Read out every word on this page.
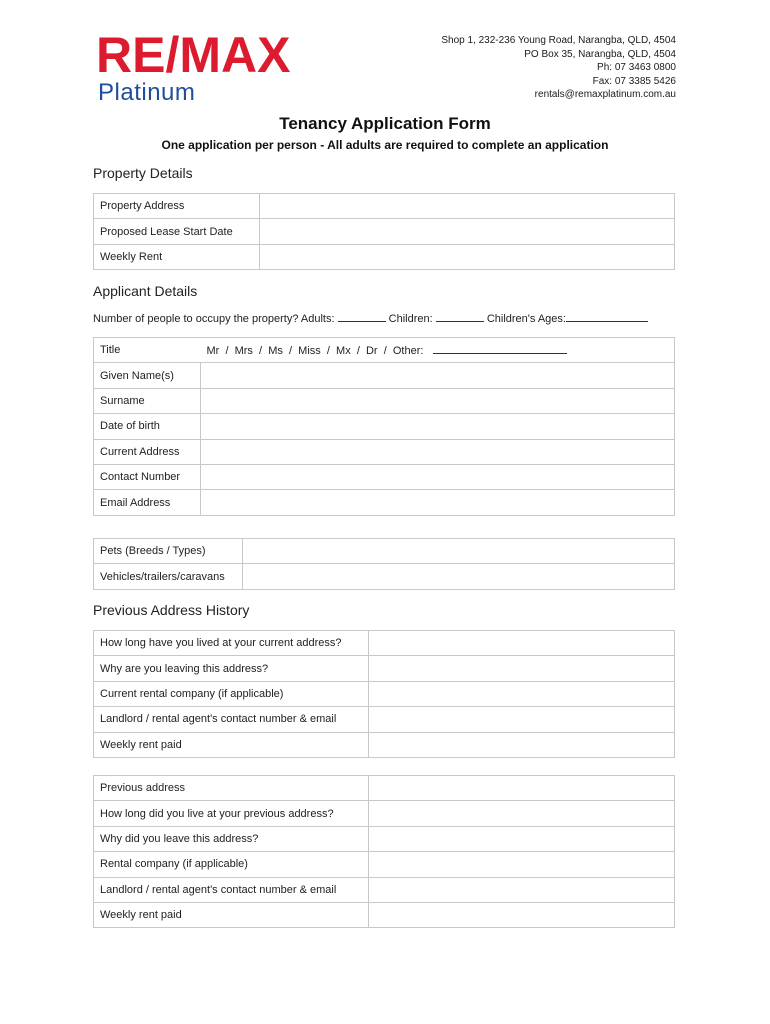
RE/MAX
Platinum
Shop 1, 232-236 Young Road, Narangba, QLD, 4504
PO Box 35, Narangba, QLD, 4504
Ph: 07 3463 0800
Fax: 07 3385 5426
rentals@remaxplatinum.com.au
Tenancy Application Form
One application per person - All adults are required to complete an application
Property Details
Property Address	
Proposed Lease Start Date	
Weekly Rent	
Applicant Details
Number of people to occupy the property? Adults:	Children:	Children's Ages:
Title	Mr  /  Mrs  /  Ms  /  Miss  /  Mx  /  Dr  /  Other:
Given Name(s)	
Surname	
Date of birth	
Current Address	
Contact Number	
Email Address	
Pets (Breeds / Types)	
Vehicles/trailers/caravans	
Previous Address History
How long have you lived at your current address?	
Why are you leaving this address?	
Current rental company (if applicable)	
Landlord / rental agent's contact number & email	
Weekly rent paid	
Previous address	
How long did you live at your previous address?	
Why did you leave this address?	
Rental company (if applicable)	
Landlord / rental agent's contact number & email	
Weekly rent paid	
